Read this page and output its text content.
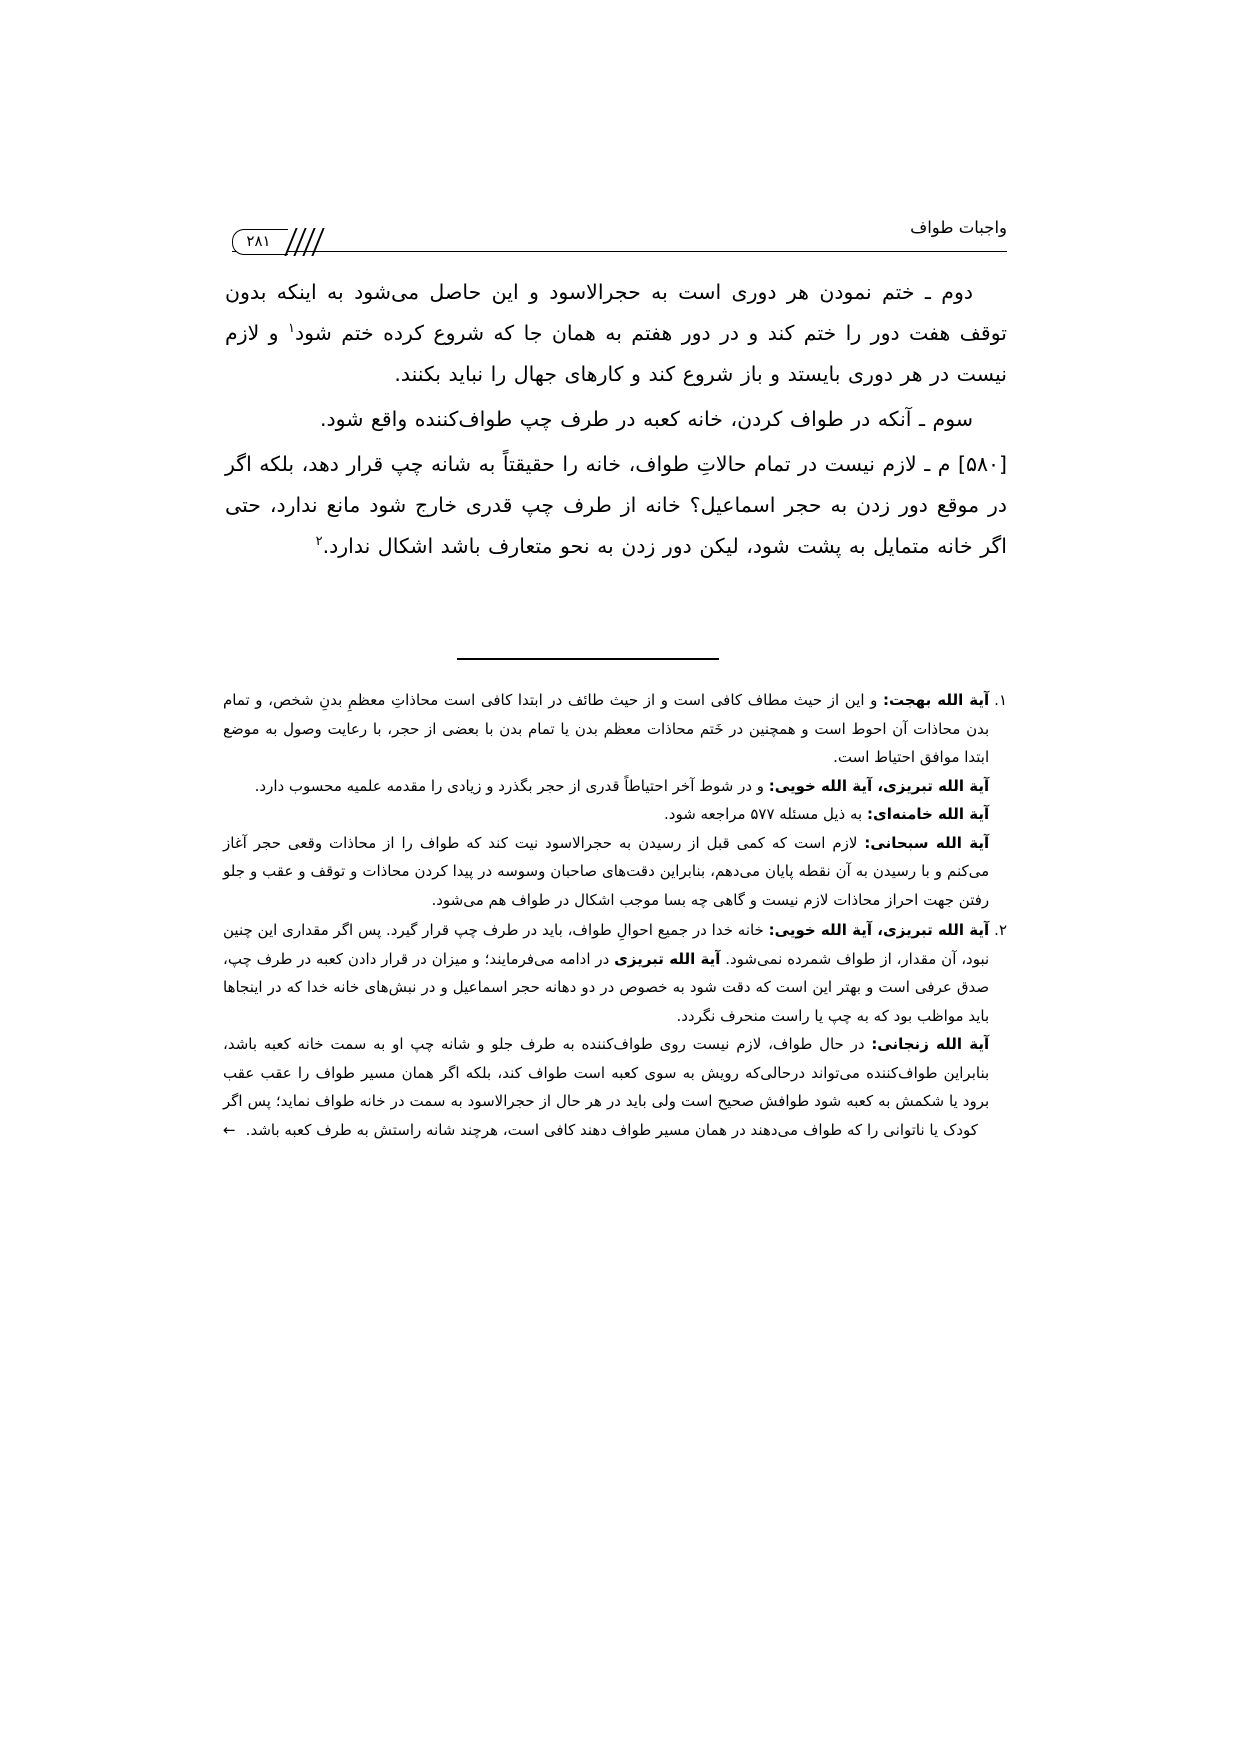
واجبات طواف
۲۸۱

دوم ـ ختم نمودن هر دوری است به حجرالاسود و این حاصل می‌شود به اینکه بدون توقف هفت دور را ختم کند و در دور هفتم به همان جا که شروع کرده ختم شود$^۱$ و لازم نیست در هر دوری بایستد و باز شروع کند و کارهای جهال را نباید بکنند.

سوم ـ آنکه در طواف کردن، خانه کعبه در طرف چپ طواف‌کننده واقع شود.

[۵۸۰] م ـ لازم نیست در تمام حالاتِ طواف، خانه را حقیقتاً به شانه چپ قرار دهد، بلکه اگر در موقع دور زدن به حجر اسماعیل؟ خانه از طرف چپ قدری خارج شود مانع ندارد، حتی اگر خانه متمایل به پشت شود، لیکن دور زدن به نحو متعارف باشد اشکال ندارد.$^۲$

۱.

آیة الله بهجت: و این از حیث مطاف کافی است و از حیث طائف در ابتدا کافی است محاذاتِ معظمِ بدنِ شخص، و تمام بدن محاذات آن احوط است و همچنین در خَتم محاذات معظم بدن یا تمام بدن با بعضی از حجر، با رعایت وصول به موضع ابتدا موافق احتیاط است.

آیة الله تبریزی، آیة الله خویی: و در شوط آخر احتیاطاً قدری از حجر بگذرد و زیادی را مقدمه علمیه محسوب دارد.

آیة الله خامنه‌ای: به ذیل مسئله ۵۷۷ مراجعه شود.

آیة الله سبحانی: لازم است که کمی قبل از رسیدن به حجرالاسود نیت کند که طواف را از محاذات وقعی حجر آغاز می‌کنم و با رسیدن به آن نقطه پایان می‌دهم، بنابراین دقت‌های صاحبان وسوسه در پیدا کردن محاذات و توقف و عقب و جلو رفتن جهت احراز محاذات لازم نیست و گاهی چه بسا موجب اشکال در طواف هم می‌شود.

۲.

آیة الله تبریزی، آیة الله خویی: خانه خدا در جمیع احوالِ طواف، باید در طرف چپ قرار گیرد. پس اگر مقداری این چنین نبود، آن مقدار، از طواف شمرده نمی‌شود. آیة الله تبریزی در ادامه می‌فرمایند؛ و میزان در قرار دادن کعبه در طرف چپ، صدق عرفی است و بهتر این است که دقت شود به خصوص در دو دهانه حجر اسماعیل و در نبش‌های خانه خدا که در اینجاها باید مواظب بود که به چپ یا راست منحرف نگردد.

آیة الله زنجانی: در حال طواف، لازم نیست روی طواف‌کننده به طرف جلو و شانه چپ او به سمت خانه کعبه باشد، بنابراین طواف‌کننده می‌تواند درحالی‌که رویش به سوی کعبه است طواف کند، بلکه اگر همان مسیر طواف را عقب عقب برود یا شکمش به کعبه شود طوافش صحیح است ولی باید در هر حال از حجرالاسود به سمت در خانه طواف نماید؛ پس اگر کودک یا ناتوانی را که طواف می‌دهند در همان مسیر طواف دهند کافی است، هرچند شانه راستش به طرف کعبه باشد.←
